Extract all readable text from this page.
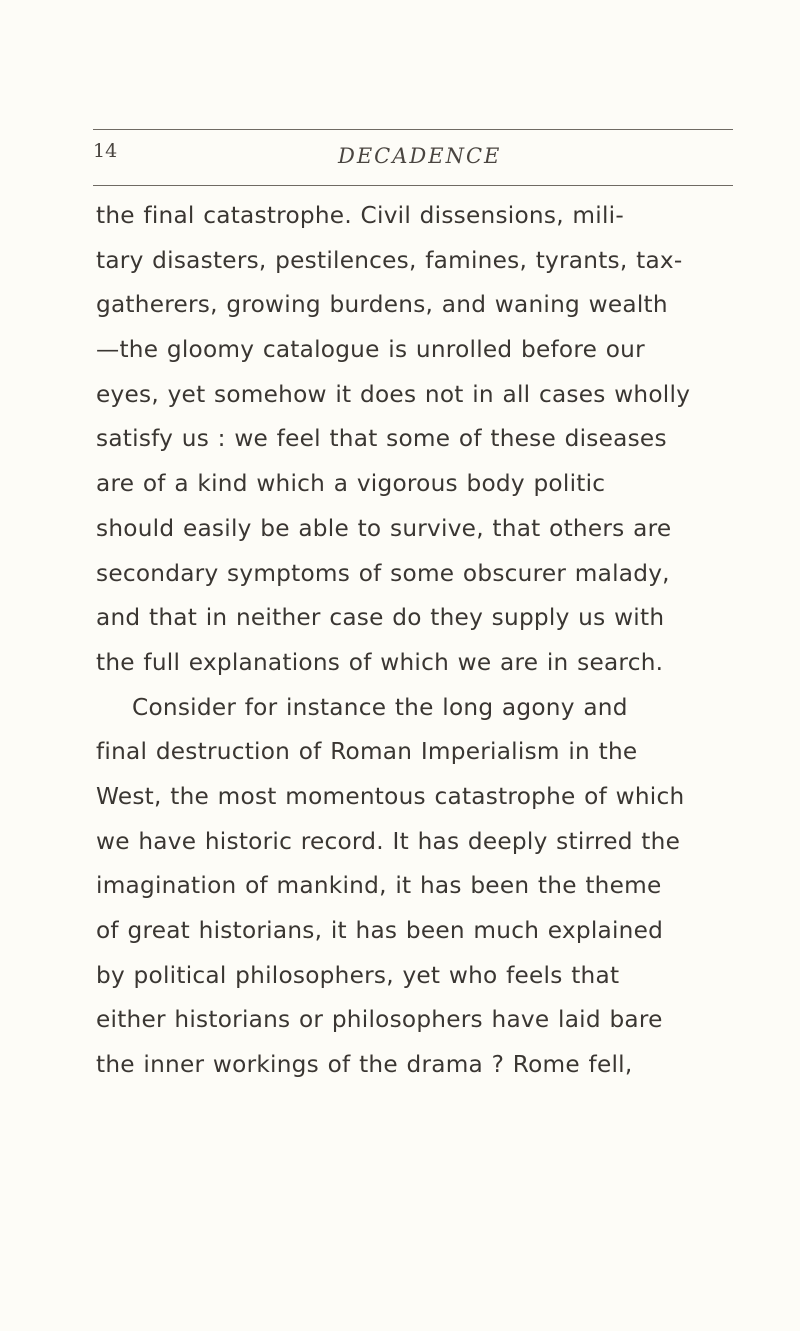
14	DECADENCE
the final catastrophe. Civil dissensions, mili-
tary disasters, pestilences, famines, tyrants, tax-
gatherers, growing burdens, and waning wealth
—the gloomy catalogue is unrolled before our
eyes, yet somehow it does not in all cases wholly
satisfy us : we feel that some of these diseases
are of a kind which a vigorous body politic
should easily be able to survive, that others are
secondary symptoms of some obscurer malady,
and that in neither case do they supply us with
the full explanations of which we are in search.
Consider for instance the long agony and
final destruction of Roman Imperialism in the
West, the most momentous catastrophe of which
we have historic record. It has deeply stirred the
imagination of mankind, it has been the theme
of great historians, it has been much explained
by political philosophers, yet who feels that
either historians or philosophers have laid bare
the inner workings of the drama ? Rome fell,
